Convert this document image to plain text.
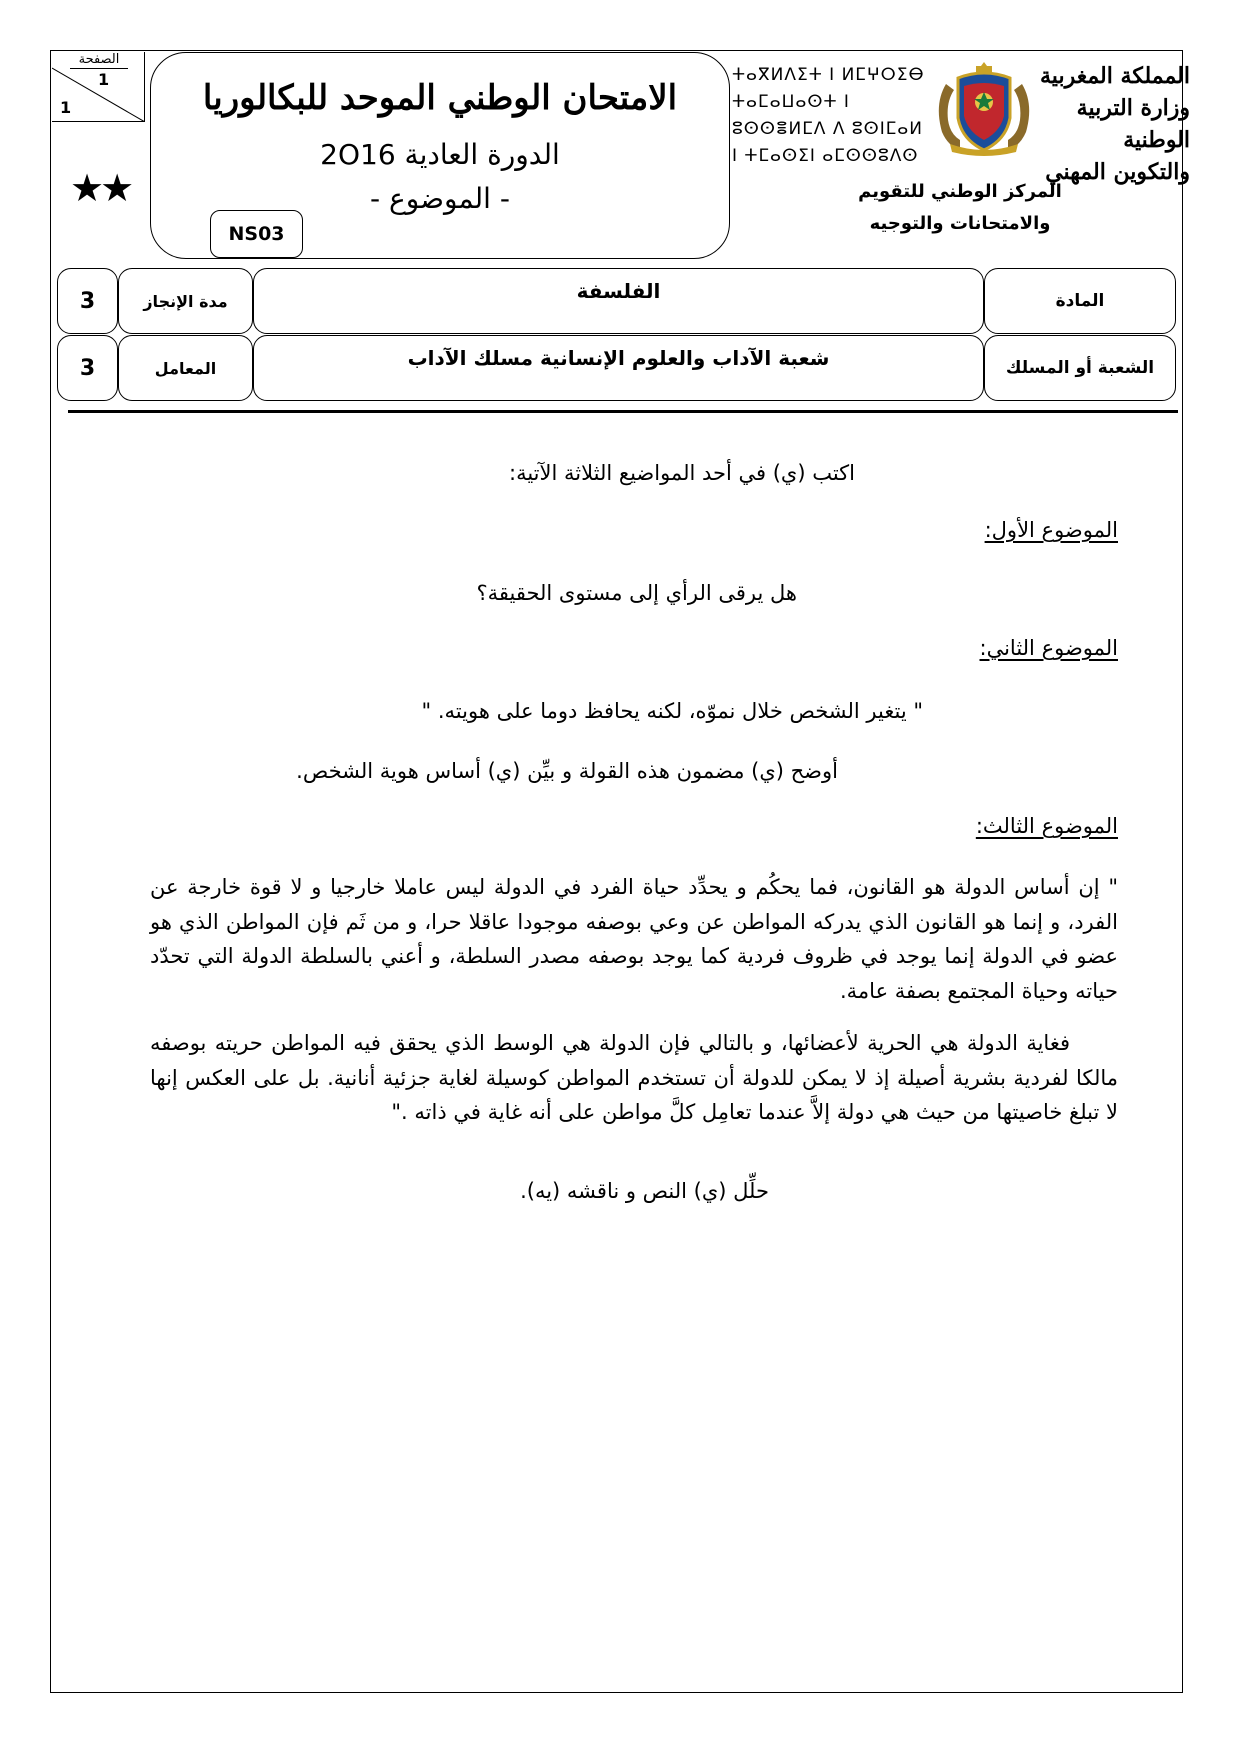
الصفحة
1
1
★★
الامتحان الوطني الموحد للبكالوريا
الدورة العادية 2O16
- الموضوع -
NS03
ⵜⴰⴳⵍⴷⵉⵜ ⵏ ⵍⵎⵖⵔⵉⴱ
ⵜⴰⵎⴰⵡⴰⵙⵜ ⵏ ⵓⵙⵙⴻⵍⵎⴷ ⴷ ⵓⵙⵏⵎⴰⵍ
ⵏ ⵜⵎⴰⵙⵉⵏ ⴰⵎⵙⵙⵓⴷⵙ
المملكة المغربية
وزارة التربية الوطنية
والتكوين المهني
المركز الوطني للتقويم
والامتحانات والتوجيه
المادة
الفلسفة
مدة الإنجاز
3
الشعبة أو المسلك
شعبة الآداب والعلوم الإنسانية مسلك الآداب
المعامل
3
اكتب (ي) في أحد المواضيع الثلاثة الآتية:
الموضوع الأول:
هل يرقى الرأي إلى مستوى الحقيقة؟
الموضوع الثاني:
" يتغير الشخص خلال نموّه، لكنه يحافظ دوما على هويته. "
أوضح (ي) مضمون هذه القولة و بيِّن (ي) أساس هوية الشخص.
الموضوع الثالث:
" إن أساس الدولة هو القانون، فما يحكُم و يحدِّد حياة الفرد في الدولة ليس عاملا خارجيا و لا قوة خارجة عن الفرد، و إنما هو القانون الذي يدركه المواطن عن وعي بوصفه موجودا عاقلا حرا، و من ثَم فإن المواطن الذي هو عضو في الدولة إنما يوجد في ظروف فردية كما يوجد بوصفه مصدر السلطة، و أعني بالسلطة الدولة التي تحدّد حياته وحياة المجتمع بصفة عامة.
فغاية الدولة هي الحرية لأعضائها، و بالتالي فإن الدولة هي الوسط الذي يحقق فيه المواطن حريته بوصفه مالكا لفردية بشرية أصيلة إذ لا يمكن للدولة أن تستخدم المواطن كوسيلة لغاية جزئية أنانية. بل على العكس إنها لا تبلغ خاصيتها من حيث هي دولة إلاَّ عندما تعامِل كلَّ مواطن على أنه غاية في ذاته ."
حلِّل (ي) النص و ناقشه (يه).
